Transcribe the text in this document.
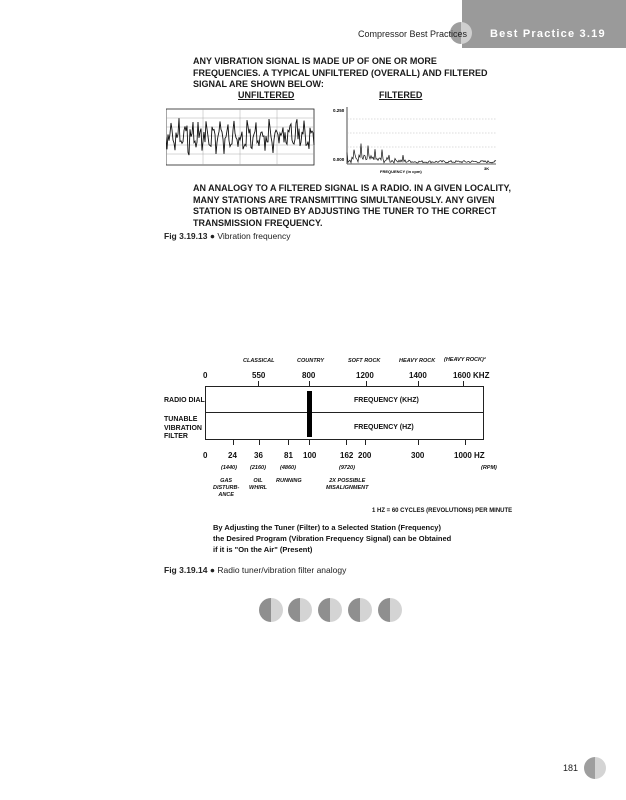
Compressor Best Practices Best Practice 3.19
ANY VIBRATION SIGNAL IS MADE UP OF ONE OR MORE FREQUENCIES. A TYPICAL UNFILTERED (OVERALL) AND FILTERED SIGNAL ARE SHOWN BELOW:
UNFILTERED	FILTERED
0.250
0.000
FREQUENCY (in cpm)
3K
AN ANALOGY TO A FILTERED SIGNAL IS A RADIO. IN A GIVEN LOCALITY, MANY STATIONS ARE TRANSMITTING SIMULTANEOUSLY. ANY GIVEN STATION IS OBTAINED BY ADJUSTING THE TUNER TO THE CORRECT TRANSMISSION FREQUENCY.
Fig 3.19.13 ● Vibration frequency
CLASSICAL	COUNTRY	SOFT ROCK	HEAVY ROCK (HEAVY ROCK)²
0	550	800	1200	1400	1600 KHZ
RADIO DIAL
TUNABLE
VIBRATION
FILTER
FREQUENCY (KHZ)
FREQUENCY (HZ)
0	24 36	81 100	162 200	300	1000 HZ
(1440) (2160)	(4860)	(9720)	(RPM)
GAS
DISTURB-
ANCE
OIL
WHIRL
RUNNING	2X POSSIBLE
MISALIGNMENT
1 HZ = 60 CYCLES (REVOLUTIONS) PER MINUTE
By Adjusting the Tuner (Filter) to a Selected Station (Frequency)
the Desired Program (Vibration Frequency Signal) can be Obtained
if it is "On the Air" (Present)
Fig 3.19.14 ● Radio tuner/vibration filter analogy
181
